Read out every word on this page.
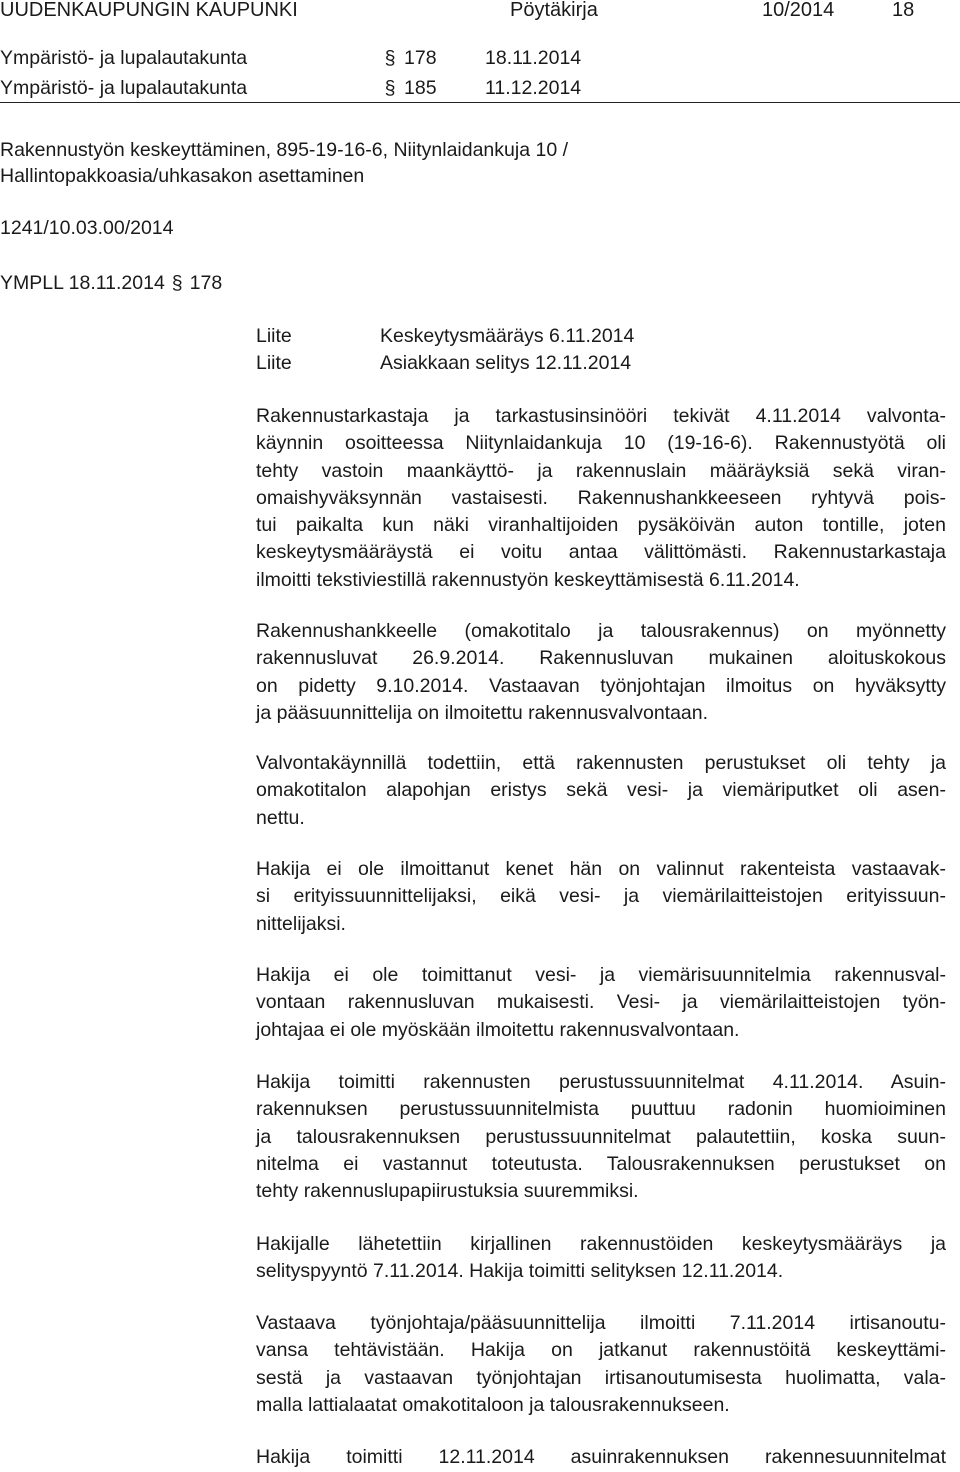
UUDENKAUPUNGIN KAUPUNKI	Pöytäkirja	10/2014	18
Ympäristö- ja lupalautakunta	§ 178 18.11.2014
Ympäristö- ja lupalautakunta	§ 185 11.12.2014
Rakennustyön keskeyttäminen, 895-19-16-6, Niitynlaidankuja 10 /
Hallintopakkoasia/uhkasakon asettaminen
1241/10.03.00/2014
YMPLL 18.11.2014 § 178
Liite	Keskeytysmääräys 6.11.2014
Liite	Asiakkaan selitys 12.11.2014
Rakennustarkastaja ja tarkastusinsinööri tekivät 4.11.2014 valvonta-
käynnin osoitteessa Niitynlaidankuja 10 (19-16-6). Rakennustyötä oli
tehty vastoin maankäyttö- ja rakennuslain määräyksiä sekä viran-
omaishyväksynnän vastaisesti. Rakennushankkeeseen ryhtyvä pois-
tui paikalta kun näki viranhaltijoiden pysäköivän auton tontille, joten
keskeytysmääräystä ei voitu antaa välittömästi. Rakennustarkastaja
ilmoitti tekstiviestillä rakennustyön keskeyttämisestä 6.11.2014.
Rakennushankkeelle (omakotitalo ja talousrakennus) on myönnetty
rakennusluvat 26.9.2014. Rakennusluvan mukainen aloituskokous
on pidetty 9.10.2014. Vastaavan työnjohtajan ilmoitus on hyväksytty
ja pääsuunnittelija on ilmoitettu rakennusvalvontaan.
Valvontakäynnillä todettiin, että rakennusten perustukset oli tehty ja
omakotitalon alapohjan eristys sekä vesi- ja viemäriputket oli asen-
nettu.
Hakija ei ole ilmoittanut kenet hän on valinnut rakenteista vastaavak-
si erityissuunnittelijaksi, eikä vesi- ja viemärilaitteistojen erityissuun-
nittelijaksi.
Hakija ei ole toimittanut vesi- ja viemärisuunnitelmia rakennusval-
vontaan rakennusluvan mukaisesti. Vesi- ja viemärilaitteistojen työn-
johtajaa ei ole myöskään ilmoitettu rakennusvalvontaan.
Hakija toimitti rakennusten perustussuunnitelmat 4.11.2014. Asuin-
rakennuksen perustussuunnitelmista puuttuu radonin huomioiminen
ja talousrakennuksen perustussuunnitelmat palautettiin, koska suun-
nitelma ei vastannut toteutusta. Talousrakennuksen perustukset on
tehty rakennuslupapiirustuksia suuremmiksi.
Hakijalle lähetettiin kirjallinen rakennustöiden keskeytysmääräys ja
selityspyyntö 7.11.2014. Hakija toimitti selityksen 12.11.2014.
Vastaava työnjohtaja/pääsuunnittelija ilmoitti 7.11.2014 irtisanoutu-
vansa tehtävistään. Hakija on jatkanut rakennustöitä keskeyttämi-
sestä ja vastaavan työnjohtajan irtisanoutumisesta huolimatta, vala-
malla lattialaatat omakotitaloon ja talousrakennukseen.
Hakija toimitti 12.11.2014 asuinrakennuksen rakennesuunnitelmat
